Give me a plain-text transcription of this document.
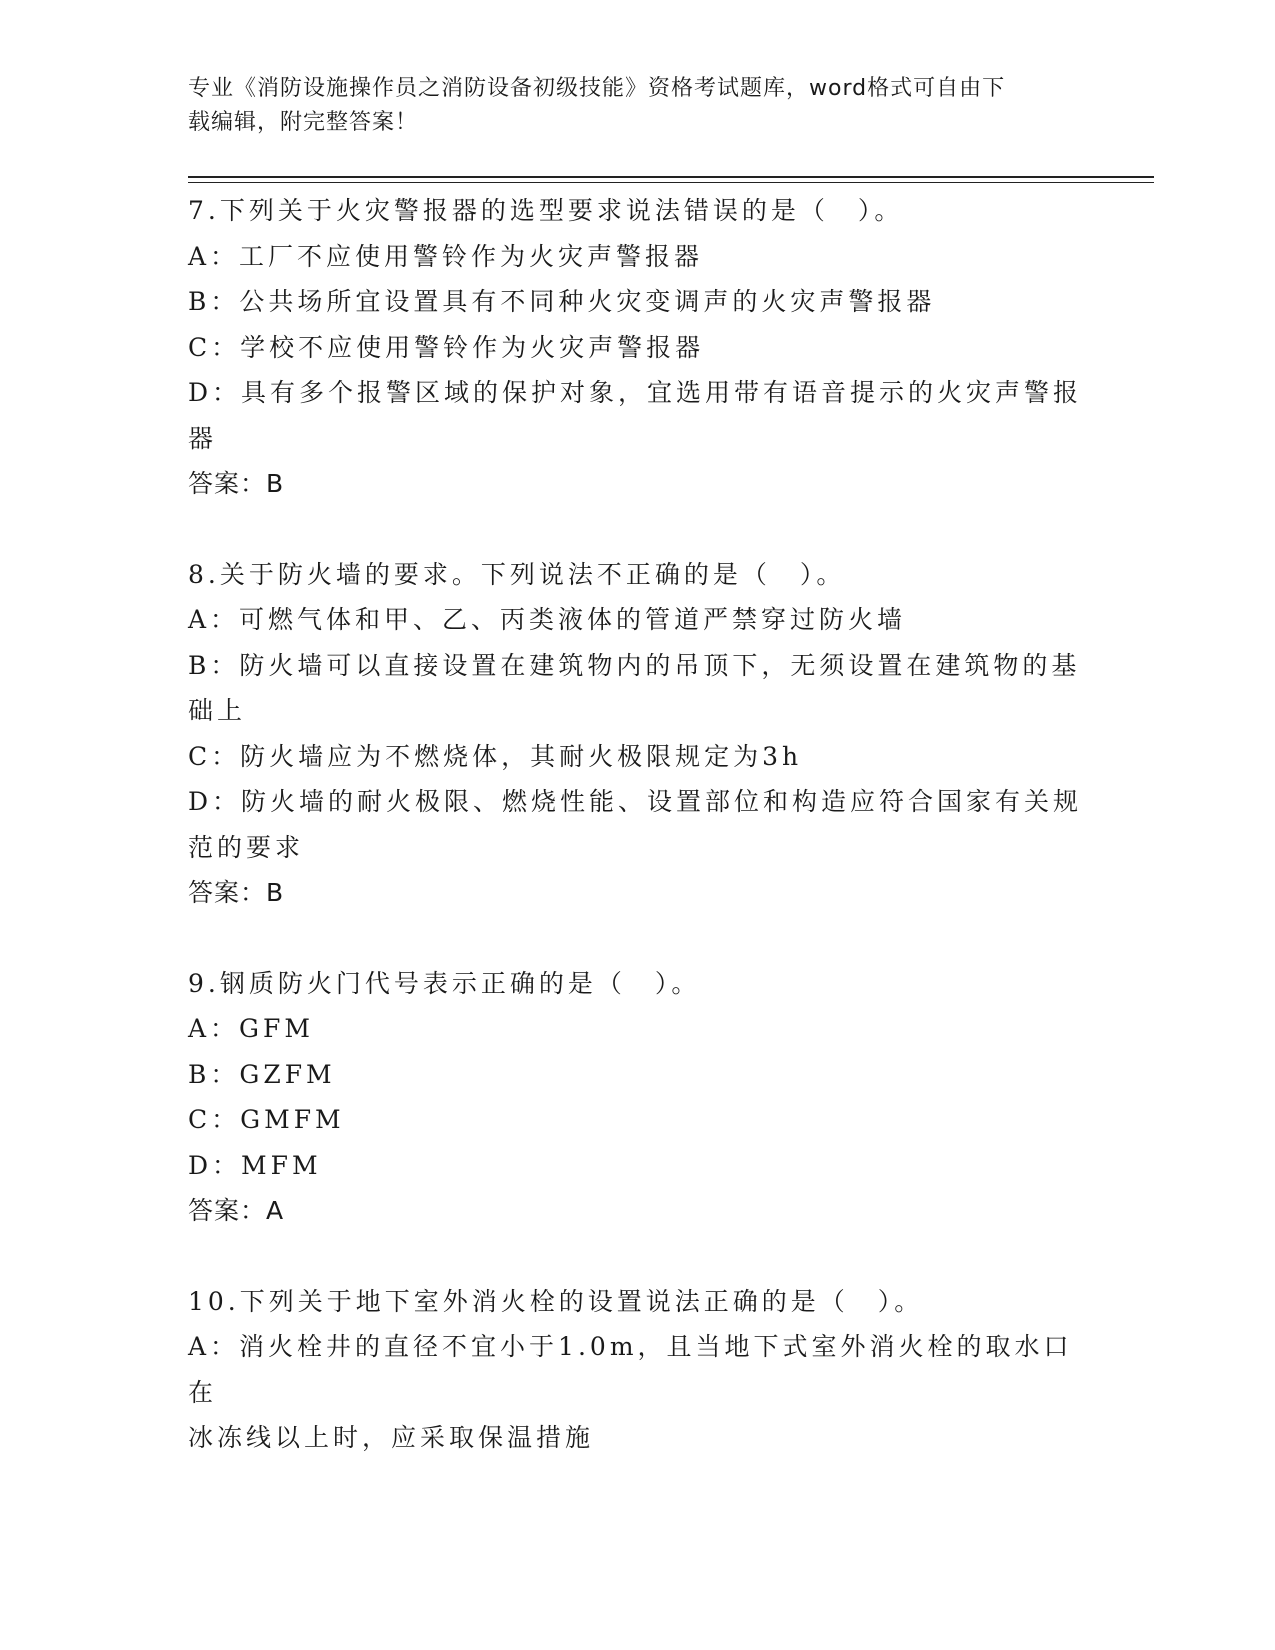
专业《消防设施操作员之消防设备初级技能》资格考试题库，word格式可自由下
载编辑，附完整答案！

7.下列关于火灾警报器的选型要求说法错误的是（　）。

A：工厂不应使用警铃作为火灾声警报器

B：公共场所宜设置具有不同种火灾变调声的火灾声警报器

C：学校不应使用警铃作为火灾声警报器

D：具有多个报警区域的保护对象，宜选用带有语音提示的火灾声警报

器

答案：B

8.关于防火墙的要求。下列说法不正确的是（　）。

A：可燃气体和甲、乙、丙类液体的管道严禁穿过防火墙

B：防火墙可以直接设置在建筑物内的吊顶下，无须设置在建筑物的基

础上

C：防火墙应为不燃烧体，其耐火极限规定为3h

D：防火墙的耐火极限、燃烧性能、设置部位和构造应符合国家有关规

范的要求

答案：B

9.钢质防火门代号表示正确的是（　）。

A：GFM

B：GZFM

C：GMFM

D：MFM

答案：A

10.下列关于地下室外消火栓的设置说法正确的是（　）。

A：消火栓井的直径不宜小于1.0m，且当地下式室外消火栓的取水口在

冰冻线以上时，应采取保温措施
